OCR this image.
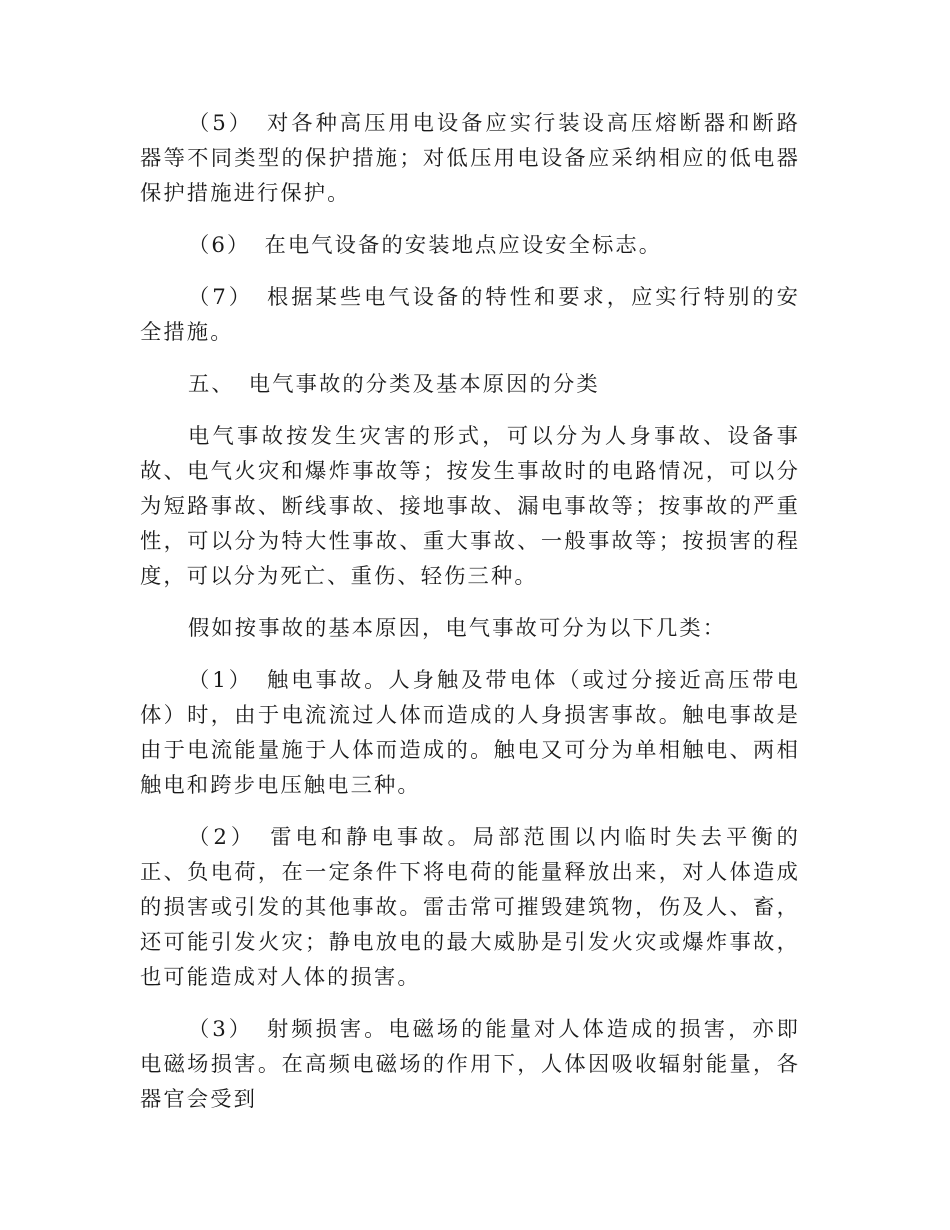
（5） 对各种高压用电设备应实行装设高压熔断器和断路器等不同类型的保护措施；对低压用电设备应采纳相应的低电器保护措施进行保护。

（6） 在电气设备的安装地点应设安全标志。

（7） 根据某些电气设备的特性和要求，应实行特别的安全措施。

五、 电气事故的分类及基本原因的分类

电气事故按发生灾害的形式，可以分为人身事故、设备事故、电气火灾和爆炸事故等；按发生事故时的电路情况，可以分为短路事故、断线事故、接地事故、漏电事故等；按事故的严重性，可以分为特大性事故、重大事故、一般事故等；按损害的程度，可以分为死亡、重伤、轻伤三种。

假如按事故的基本原因，电气事故可分为以下几类：

（1） 触电事故。人身触及带电体（或过分接近高压带电体）时，由于电流流过人体而造成的人身损害事故。触电事故是由于电流能量施于人体而造成的。触电又可分为单相触电、两相触电和跨步电压触电三种。

（2） 雷电和静电事故。局部范围以内临时失去平衡的正、负电荷，在一定条件下将电荷的能量释放出来，对人体造成的损害或引发的其他事故。雷击常可摧毁建筑物，伤及人、畜，还可能引发火灾；静电放电的最大威胁是引发火灾或爆炸事故，也可能造成对人体的损害。

（3） 射频损害。电磁场的能量对人体造成的损害，亦即电磁场损害。在高频电磁场的作用下，人体因吸收辐射能量，各器官会受到
